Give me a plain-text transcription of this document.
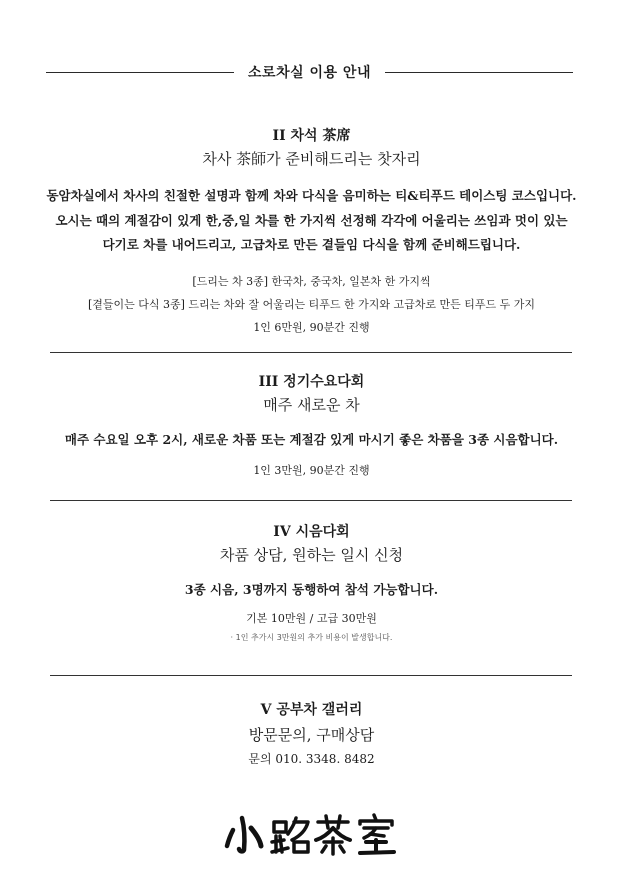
소로차실 이용 안내

II 차석 茶席

차사 茶師가 준비해드리는 찻자리

동암차실에서 차사의 친절한 설명과 함께 차와 다식을 음미하는 티&티푸드 테이스팅 코스입니다.

오시는 때의 계절감이 있게 한,중,일 차를 한 가지씩 선정해 각각에 어울리는 쓰임과 멋이 있는

다기로 차를 내어드리고, 고급차로 만든 곁들임 다식을 함께 준비해드립니다.

[드리는 차 3종] 한국차, 중국차, 일본차 한 가지씩

[곁들이는 다식 3종] 드리는 차와 잘 어울리는 티푸드 한 가지와 고급차로 만든 티푸드 두 가지

1인 6만원, 90분간 진행

III 정기수요다회

매주 새로운 차

매주 수요일 오후 2시, 새로운 차품 또는 계절감 있게 마시기 좋은 차품을 3종 시음합니다.

1인 3만원, 90분간 진행

IV 시음다회

차품 상담, 원하는 일시 신청

3종 시음, 3명까지 동행하여 참석 가능합니다.

기본 10만원 / 고급 30만원

· 1인 추가시 3만원의 추가 비용이 발생합니다.

V 공부차 갤러리

방문문의, 구매상담

문의 010. 3348. 8482
